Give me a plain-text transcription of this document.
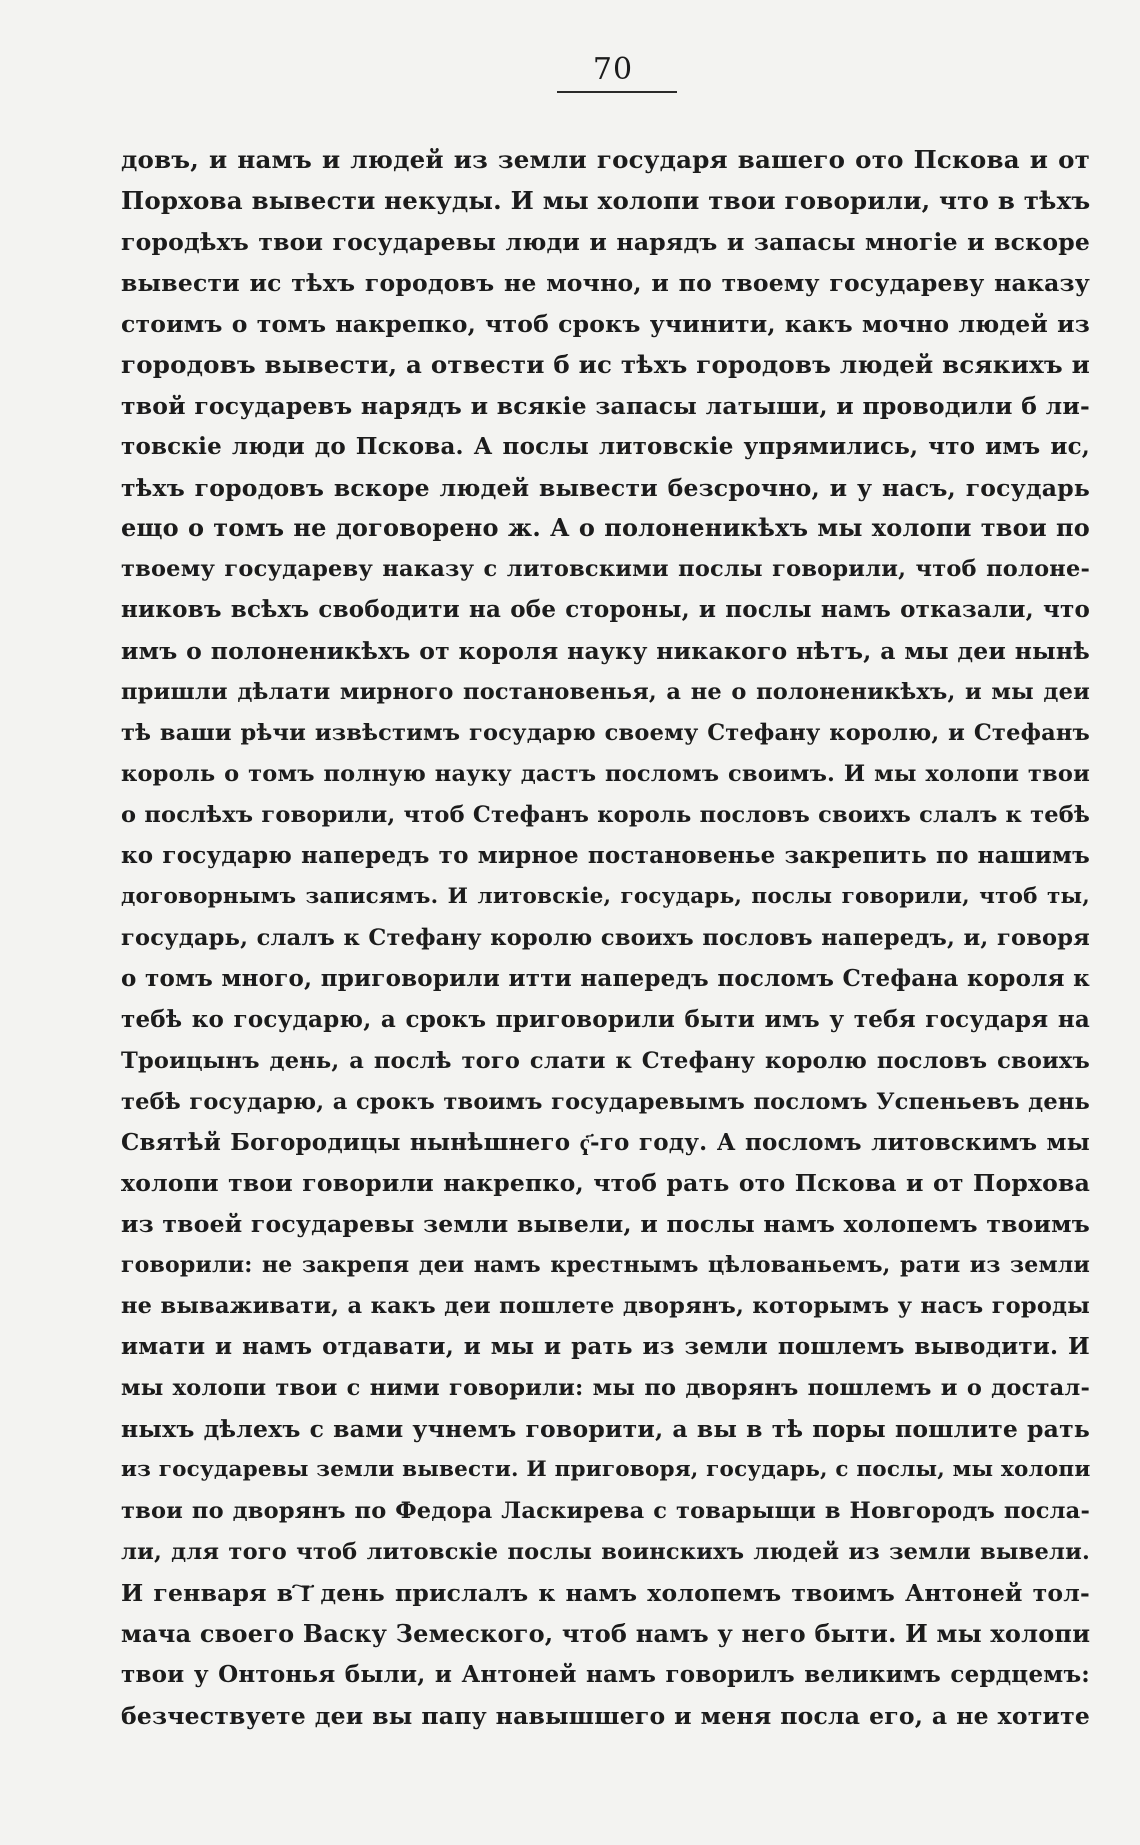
70
довъ, и намъ и людей из земли государя вашего ото Пскова и от
Порхова вывести некуды. И мы холопи твои говорили, что в тѣхъ
городѣхъ твои государевы люди и нарядъ и запасы многіе и вскоре
вывести ис тѣхъ городовъ не мочно, и по твоему государеву наказу
стоимъ о томъ накрепко, чтоб срокъ учинити, какъ мочно людей из
городовъ вывести, а отвести б ис тѣхъ городовъ людей всякихъ и
твой государевъ нарядъ и всякіе запасы латыши, и проводили б ли-
товскіе люди до Пскова. А послы литовскіе упрямились, что имъ ис,
тѣхъ городовъ вскоре людей вывести безсрочно, и у насъ, государь
ещо о томъ не договорено ж. А о полоненикѣхъ мы холопи твои по
твоему государеву наказу с литовскими послы говорили, чтоб полоне-
никовъ всѣхъ свободити на обе стороны, и послы намъ отказали, что
имъ о полоненикѣхъ от короля науку никакого нѣтъ, а мы деи нынѣ
пришли дѣлати мирного постановенья, а не о полоненикѣхъ, и мы деи
тѣ ваши рѣчи извѣстимъ государю своему Стефану королю, и Стефанъ
король о томъ полную науку дастъ посломъ своимъ. И мы холопи твои
о послѣхъ говорили, чтоб Стефанъ король пословъ своихъ слалъ к тебѣ
ко государю напередъ то мирное постановенье закрепить по нашимъ
договорнымъ записямъ. И литовскіе, государь, послы говорили, чтоб ты,
государь, слалъ к Стефану королю своихъ пословъ напередъ, и, говоря
о томъ много, приговорили итти напередъ посломъ Стефана короля к
тебѣ ко государю, а срокъ приговорили быти имъ у тебя государя на
Троицынъ день, а послѣ того слати к Стефану королю пословъ своихъ
тебѣ государю, а срокъ твоимъ государевымъ посломъ Успеньевъ день
Святѣй Богородицы нынѣшнего ҁ҃-го году. А посломъ литовскимъ мы
холопи твои говорили накрепко, чтоб рать ото Пскова и от Порхова
из твоей государевы земли вывели, и послы намъ холопемъ твоимъ
говорили: не закрепя деи намъ крестнымъ цѣлованьемъ, рати из земли
не вываживати, а какъ деи пошлете дворянъ, которымъ у насъ городы
имати и намъ отдавати, и мы и рать из земли пошлемъ выводити. И
мы холопи твои с ними говорили: мы по дворянъ пошлемъ и о достал-
ныхъ дѣлехъ с вами учнемъ говорити, а вы в тѣ поры пошлите рать
из государевы земли вывести. И приговоря, государь, с послы, мы холопи
твои по дворянъ по Федора Ласкирева с товарыщи в Новгородъ посла-
ли, для того чтоб литовскіе послы воинскихъ людей из земли вывели.
И генваря в ҇І҃ день прислалъ к намъ холопемъ твоимъ Антоней тол-
мача своего Васку Земеского, чтоб намъ у него быти. И мы холопи
твои у Онтонья были, и Антоней намъ говорилъ великимъ сердцемъ:
безчествуете деи вы папу навышшего и меня посла его, а не хотите
